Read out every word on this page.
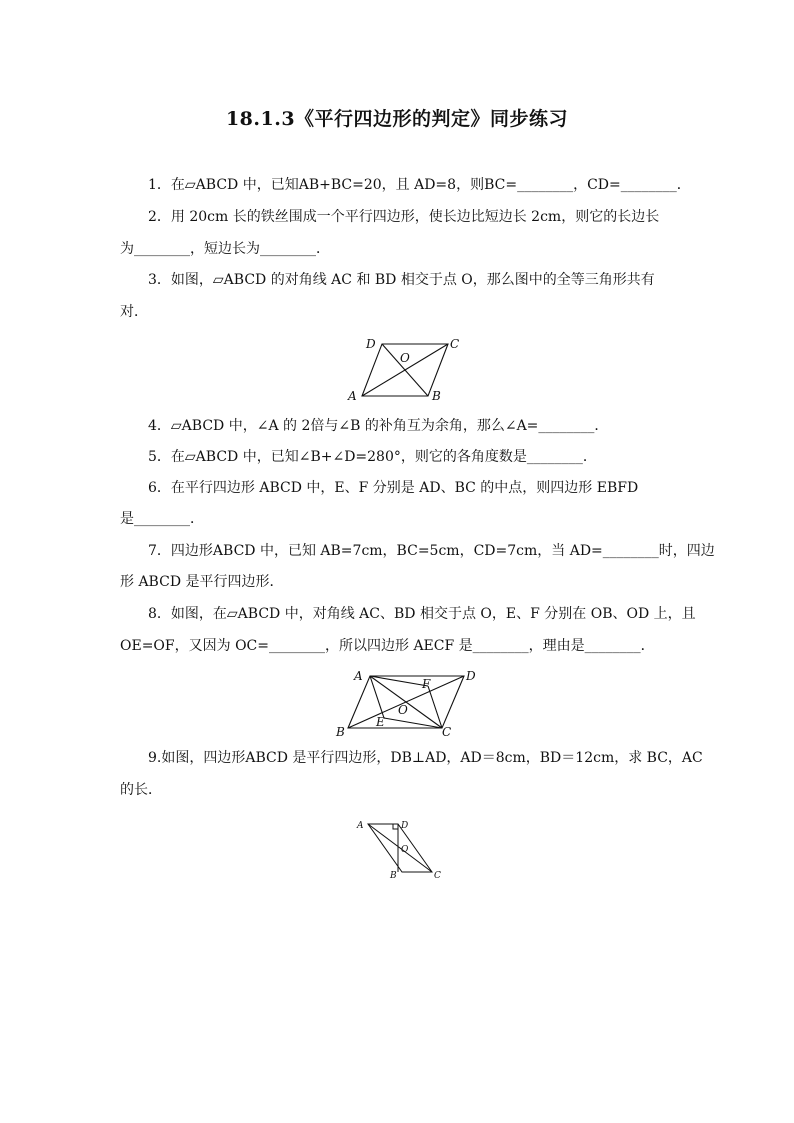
18.1.3《平行四边形的判定》同步练习
1．在▱ABCD 中，已知AB+BC=20，且 AD=8，则BC=________，CD=________．
2．用 20cm 长的铁丝围成一个平行四边形，使长边比短边长 2cm，则它的长边长
为________，短边长为________．
3．如图，▱ABCD 的对角线 AC 和 BD 相交于点 O，那么图中的全等三角形共有
对．
A	B
C
D
O
4．▱ABCD 中，∠A 的 2倍与∠B 的补角互为余角，那么∠A=________．
5．在▱ABCD 中，已知∠B+∠D=280°，则它的各角度数是________．
6．在平行四边形 ABCD 中，E、F 分别是 AD、BC 的中点，则四边形 EBFD
是________．
7．四边形ABCD 中，已知 AB=7cm，BC=5cm，CD=7cm，当 AD=________时，四边
形 ABCD 是平行四边形．
8．如图，在▱ABCD 中，对角线 AC、BD 相交于点 O，E、F 分别在 OB、OD 上，且
OE=OF，又因为 OC=________，所以四边形 AECF 是________，理由是________．
A
B	C
D
O
E
F
9.如图，四边形ABCD 是平行四边形，DB⊥AD，AD＝8cm，BD＝12cm，求 BC，AC
的长．
A	D
O
B	C
